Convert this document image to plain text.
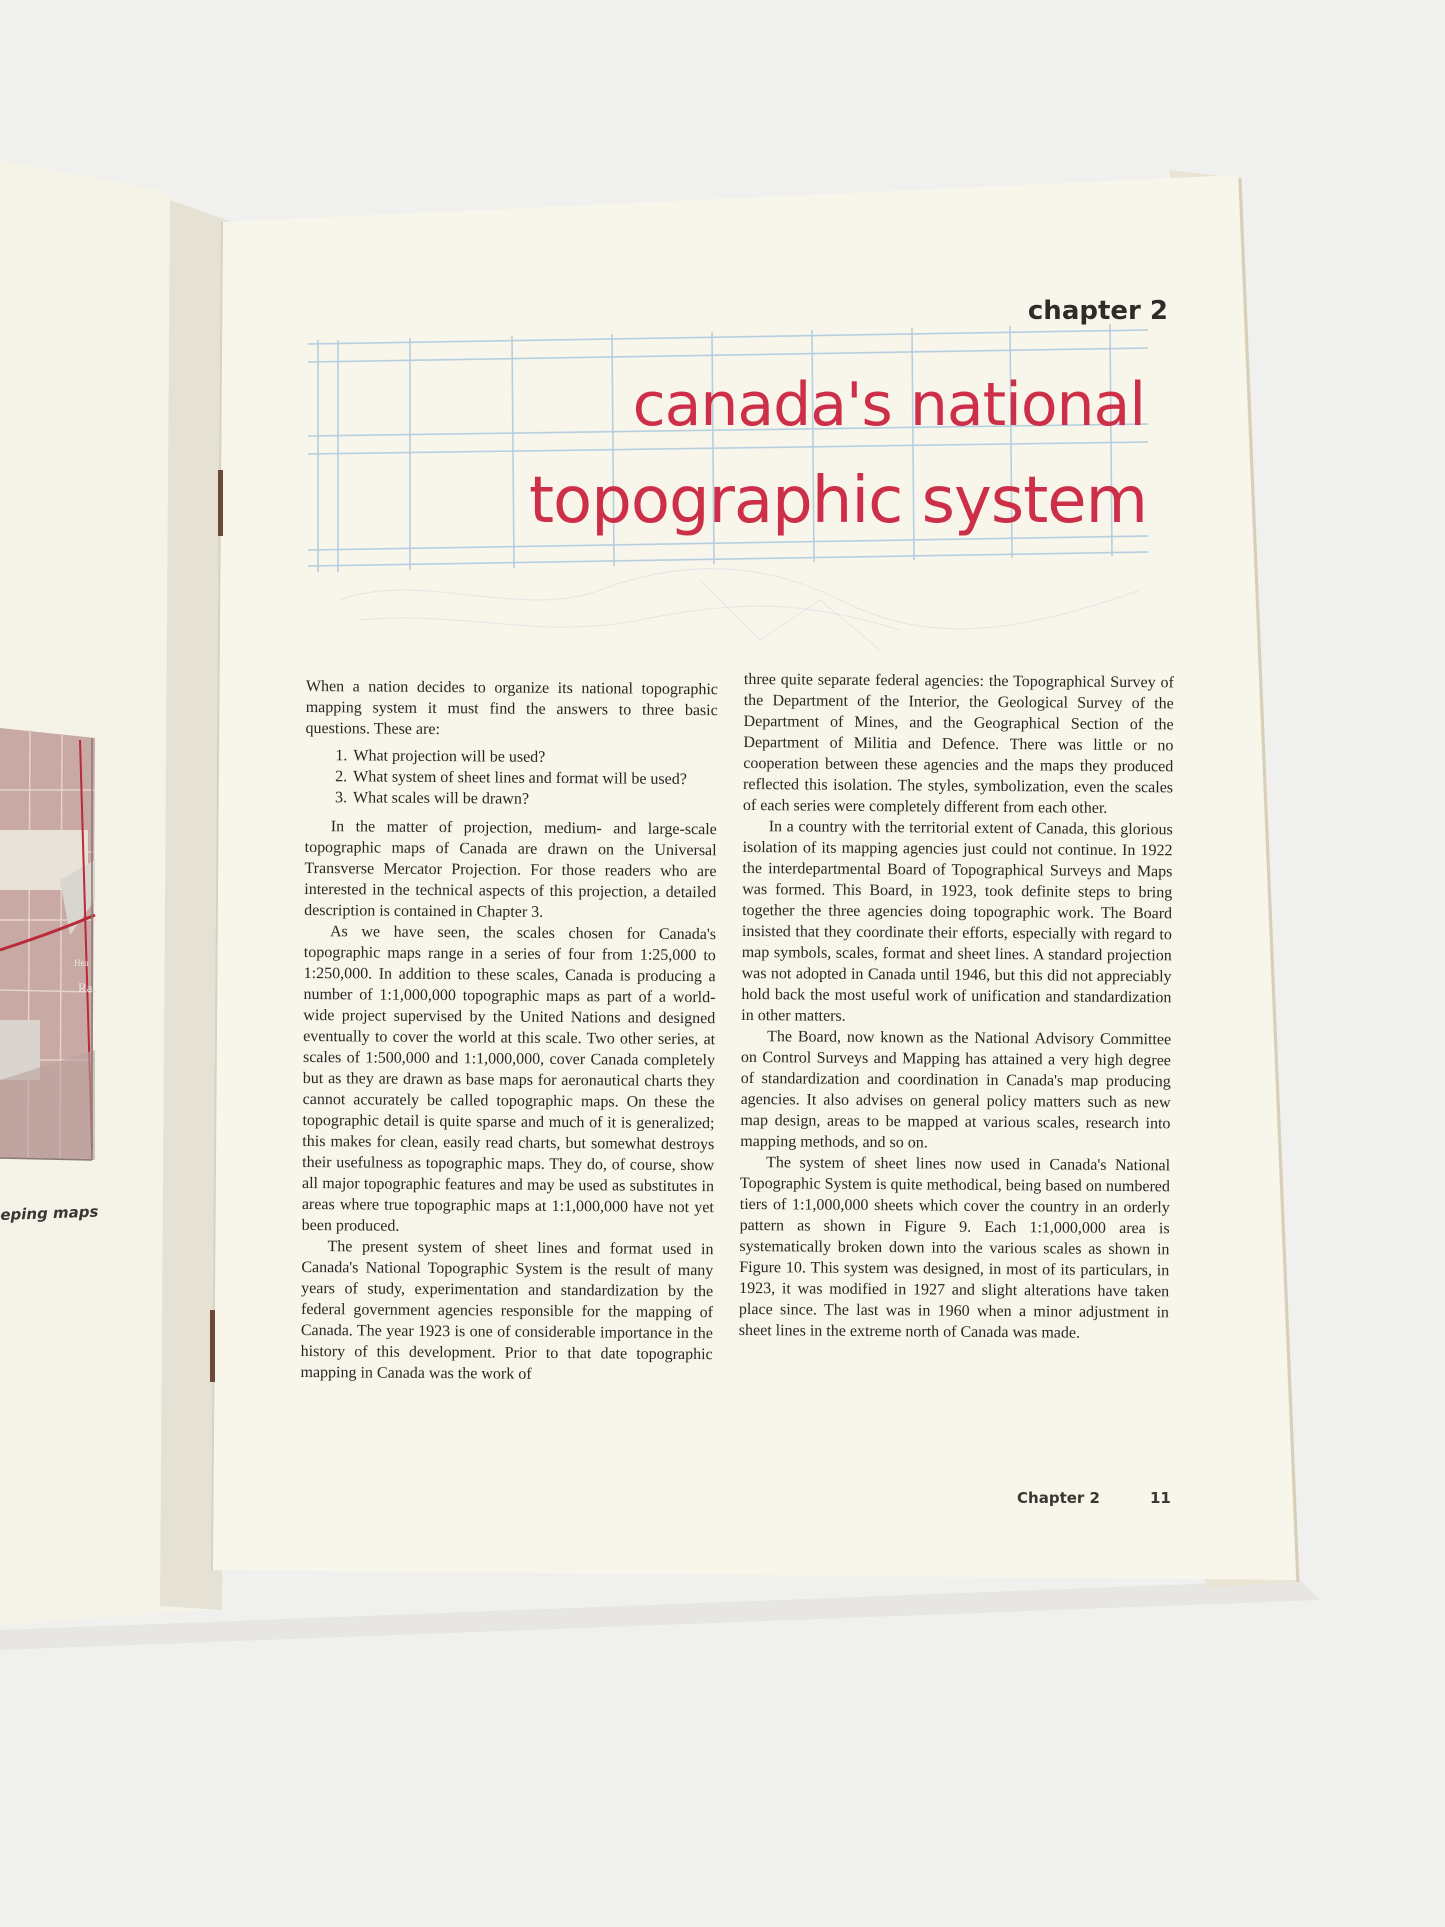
Wilson
Heights
Ra
Hea
eping maps
chapter 2
canada's national
topographic system

When a nation decides to organize its national topographic mapping system it must find the answers to three basic questions. These are:

1. What projection will be used?
2. What system of sheet lines and format will be used?
3. What scales will be drawn?

In the matter of projection, medium- and large-scale topographic maps of Canada are drawn on the Universal Transverse Mercator Projection. For those readers who are interested in the technical aspects of this projection, a detailed description is contained in Chapter 3.

As we have seen, the scales chosen for Canada's topographic maps range in a series of four from 1:25,000 to 1:250,000. In addition to these scales, Canada is producing a number of 1:1,000,000 topographic maps as part of a world-wide project supervised by the United Nations and designed eventually to cover the world at this scale. Two other series, at scales of 1:500,000 and 1:1,000,000, cover Canada completely but as they are drawn as base maps for aeronautical charts they cannot accurately be called topographic maps. On these the topographic detail is quite sparse and much of it is generalized; this makes for clean, easily read charts, but somewhat destroys their usefulness as topographic maps. They do, of course, show all major topographic features and may be used as substitutes in areas where true topographic maps at 1:1,000,000 have not yet been produced.

The present system of sheet lines and format used in Canada's National Topographic System is the result of many years of study, experimentation and standardization by the federal government agencies responsible for the mapping of Canada. The year 1923 is one of considerable importance in the history of this development. Prior to that date topographic mapping in Canada was the work of

three quite separate federal agencies: the Topographical Survey of the Department of the Interior, the Geological Survey of the Department of Mines, and the Geographical Section of the Department of Militia and Defence. There was little or no cooperation between these agencies and the maps they produced reflected this isolation. The styles, symbolization, even the scales of each series were completely different from each other.

In a country with the territorial extent of Canada, this glorious isolation of its mapping agencies just could not continue. In 1922 the interdepartmental Board of Topographical Surveys and Maps was formed. This Board, in 1923, took definite steps to bring together the three agencies doing topographic work. The Board insisted that they coordinate their efforts, especially with regard to map symbols, scales, format and sheet lines. A standard projection was not adopted in Canada until 1946, but this did not appreciably hold back the most useful work of unification and standardization in other matters.

The Board, now known as the National Advisory Committee on Control Surveys and Mapping has attained a very high degree of standardization and coordination in Canada's map producing agencies. It also advises on general policy matters such as new map design, areas to be mapped at various scales, research into mapping methods, and so on.

The system of sheet lines now used in Canada's National Topographic System is quite methodical, being based on numbered tiers of 1:1,000,000 sheets which cover the country in an orderly pattern as shown in Figure 9. Each 1:1,000,000 area is systematically broken down into the various scales as shown in Figure 10. This system was designed, in most of its particulars, in 1923, it was modified in 1927 and slight alterations have taken place since. The last was in 1960 when a minor adjustment in sheet lines in the extreme north of Canada was made.

Chapter 2	11
